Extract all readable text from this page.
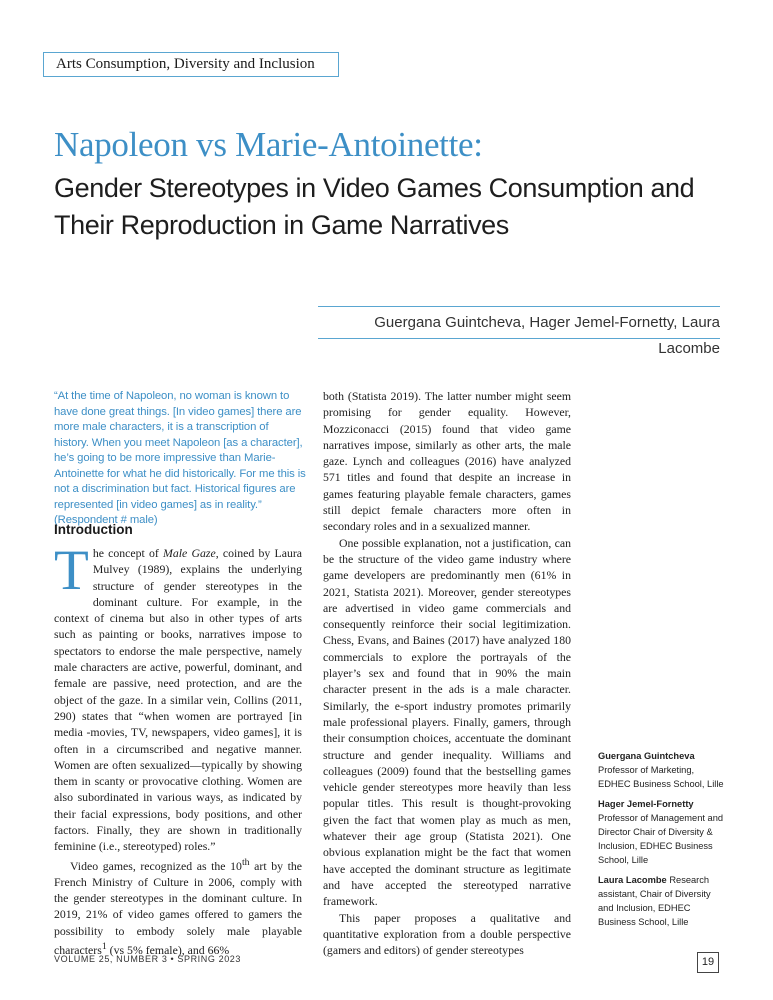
Arts Consumption, Diversity and Inclusion
Napoleon vs Marie-Antoinette:
Gender Stereotypes in Video Games Consumption and Their Reproduction in Game Narratives
Guergana Guintcheva, Hager Jemel-Fornetty, Laura Lacombe
“At the time of Napoleon, no woman is known to have done great things. [In video games] there are more male characters, it is a transcription of history. When you meet Napoleon [as a character], he’s going to be more impressive than Marie-Antoinette for what he did historically. For me this is not a discrimination but fact. Historical figures are represented [in video games] as in reality.” (Respondent # male)
Introduction

The concept of Male Gaze, coined by Laura Mulvey (1989), explains the underlying structure of gender stereotypes in the dominant culture. For example, in the context of cinema but also in other types of arts such as painting or books, narratives impose to spectators to endorse the male perspective, namely male characters are active, powerful, dominant, and female are passive, need protection, and are the object of the gaze. In a similar vein, Collins (2011, 290) states that “when women are portrayed [in media -movies, TV, newspapers, video games], it is often in a circumscribed and negative manner. Women are often sexualized—typically by showing them in scanty or provocative clothing. Women are also subordinated in various ways, as indicated by their facial expressions, body positions, and other factors. Finally, they are shown in traditionally feminine (i.e., stereotyped) roles.”

Video games, recognized as the 10th art by the French Ministry of Culture in 2006, comply with the gender stereotypes in the dominant culture. In 2019, 21% of video games offered to gamers the possibility to embody solely male playable characters$^1$ (vs 5% female), and 66%

both (Statista 2019). The latter number might seem promising for gender equality. However, Mozziconacci (2015) found that video game narratives impose, similarly as other arts, the male gaze. Lynch and colleagues (2016) have analyzed 571 titles and found that despite an increase in games featuring playable female characters, games still depict female characters more often in secondary roles and in a sexualized manner.

One possible explanation, not a justification, can be the structure of the video game industry where game developers are predominantly men (61% in 2021, Statista 2021). Moreover, gender stereotypes are advertised in video game commercials and consequently reinforce their social legitimization. Chess, Evans, and Baines (2017) have analyzed 180 commercials to explore the portrayals of the player’s sex and found that in 90% the main character present in the ads is a male character. Similarly, the e-sport industry promotes primarily male professional players. Finally, gamers, through their consumption choices, accentuate the dominant structure and gender inequality. Williams and colleagues (2009) found that the bestselling games vehicle gender stereotypes more heavily than less popular titles. This result is thought-provoking given the fact that women play as much as men, whatever their age group (Statista 2021). One obvious explanation might be the fact that women have accepted the dominant structure as legitimate and have accepted the stereotyped narrative framework.

This paper proposes a qualitative and quantitative exploration from a double perspective (gamers and editors) of gender stereotypes

Guergana Guintcheva
Professor of Marketing, EDHEC Business School, Lille
Hager Jemel-Fornetty
Professor of Management and Director Chair of Diversity & Inclusion, EDHEC Business School, Lille
Laura Lacombe Research assistant, Chair of Diversity and Inclusion, EDHEC Business School, Lille
VOLUME 25, NUMBER 3 • SPRING 2023	19
